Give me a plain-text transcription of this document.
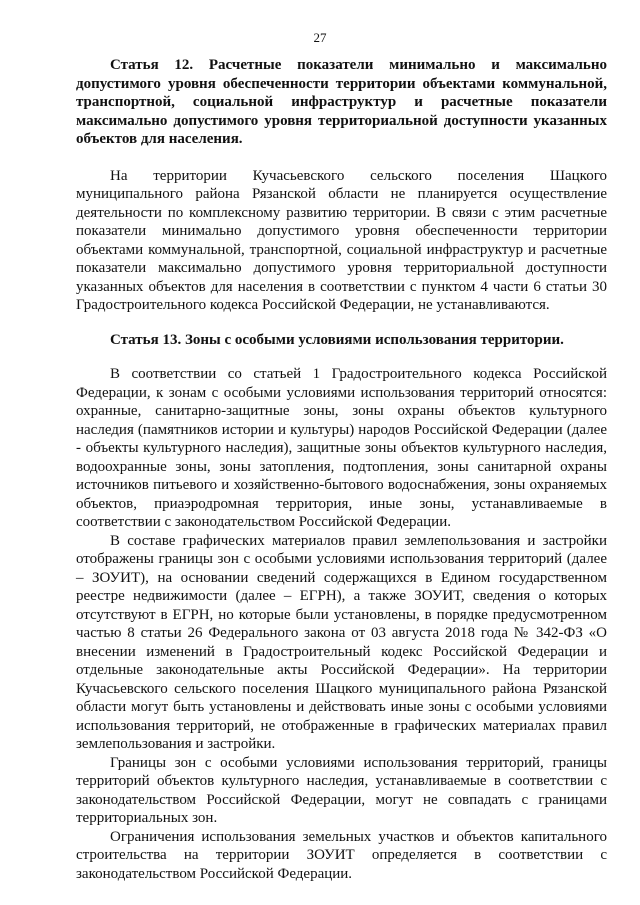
27

Статья 12. Расчетные показатели минимально и максимально допустимого уровня обеспеченности территории объектами коммунальной, транспортной, социальной инфраструктур и расчетные показатели максимально допустимого уровня территориальной доступности указанных объектов для населения.

На территории Кучасьевского сельского поселения Шацкого муниципального района Рязанской области не планируется осуществление деятельности по комплексному развитию территории. В связи с этим расчетные показатели минимально допустимого уровня обеспеченности территории объектами коммунальной, транспортной, социальной инфраструктур и расчетные показатели максимально допустимого уровня территориальной доступности указанных объектов для населения в соответствии с пунктом 4 части 6 статьи 30 Градостроительного кодекса Российской Федерации, не устанавливаются.

Статья 13. Зоны с особыми условиями использования территории.

В соответствии со статьей 1 Градостроительного кодекса Российской Федерации, к зонам с особыми условиями использования территорий относятся: охранные, санитарно-защитные зоны, зоны охраны объектов культурного наследия (памятников истории и культуры) народов Российской Федерации (далее - объекты культурного наследия), защитные зоны объектов культурного наследия, водоохранные зоны, зоны затопления, подтопления, зоны санитарной охраны источников питьевого и хозяйственно-бытового водоснабжения, зоны охраняемых объектов, приаэродромная территория, иные зоны, устанавливаемые в соответствии с законодательством Российской Федерации.

В составе графических материалов правил землепользования и застройки отображены границы зон с особыми условиями использования территорий (далее – ЗОУИТ), на основании сведений содержащихся в Едином государственном реестре недвижимости (далее – ЕГРН), а также ЗОУИТ, сведения о которых отсутствуют в ЕГРН, но которые были установлены, в порядке предусмотренном частью 8 статьи 26 Федерального закона от 03 августа 2018 года № 342-ФЗ «О внесении изменений в Градостроительный кодекс Российской Федерации и отдельные законодательные акты Российской Федерации». На территории Кучасьевского сельского поселения Шацкого муниципального района Рязанской области могут быть установлены и действовать иные зоны с особыми условиями использования территорий, не отображенные в графических материалах правил землепользования и застройки.

Границы зон с особыми условиями использования территорий, границы территорий объектов культурного наследия, устанавливаемые в соответствии с законодательством Российской Федерации, могут не совпадать с границами территориальных зон.

Ограничения использования земельных участков и объектов капитального строительства на территории ЗОУИТ определяется в соответствии с законодательством Российской Федерации.
